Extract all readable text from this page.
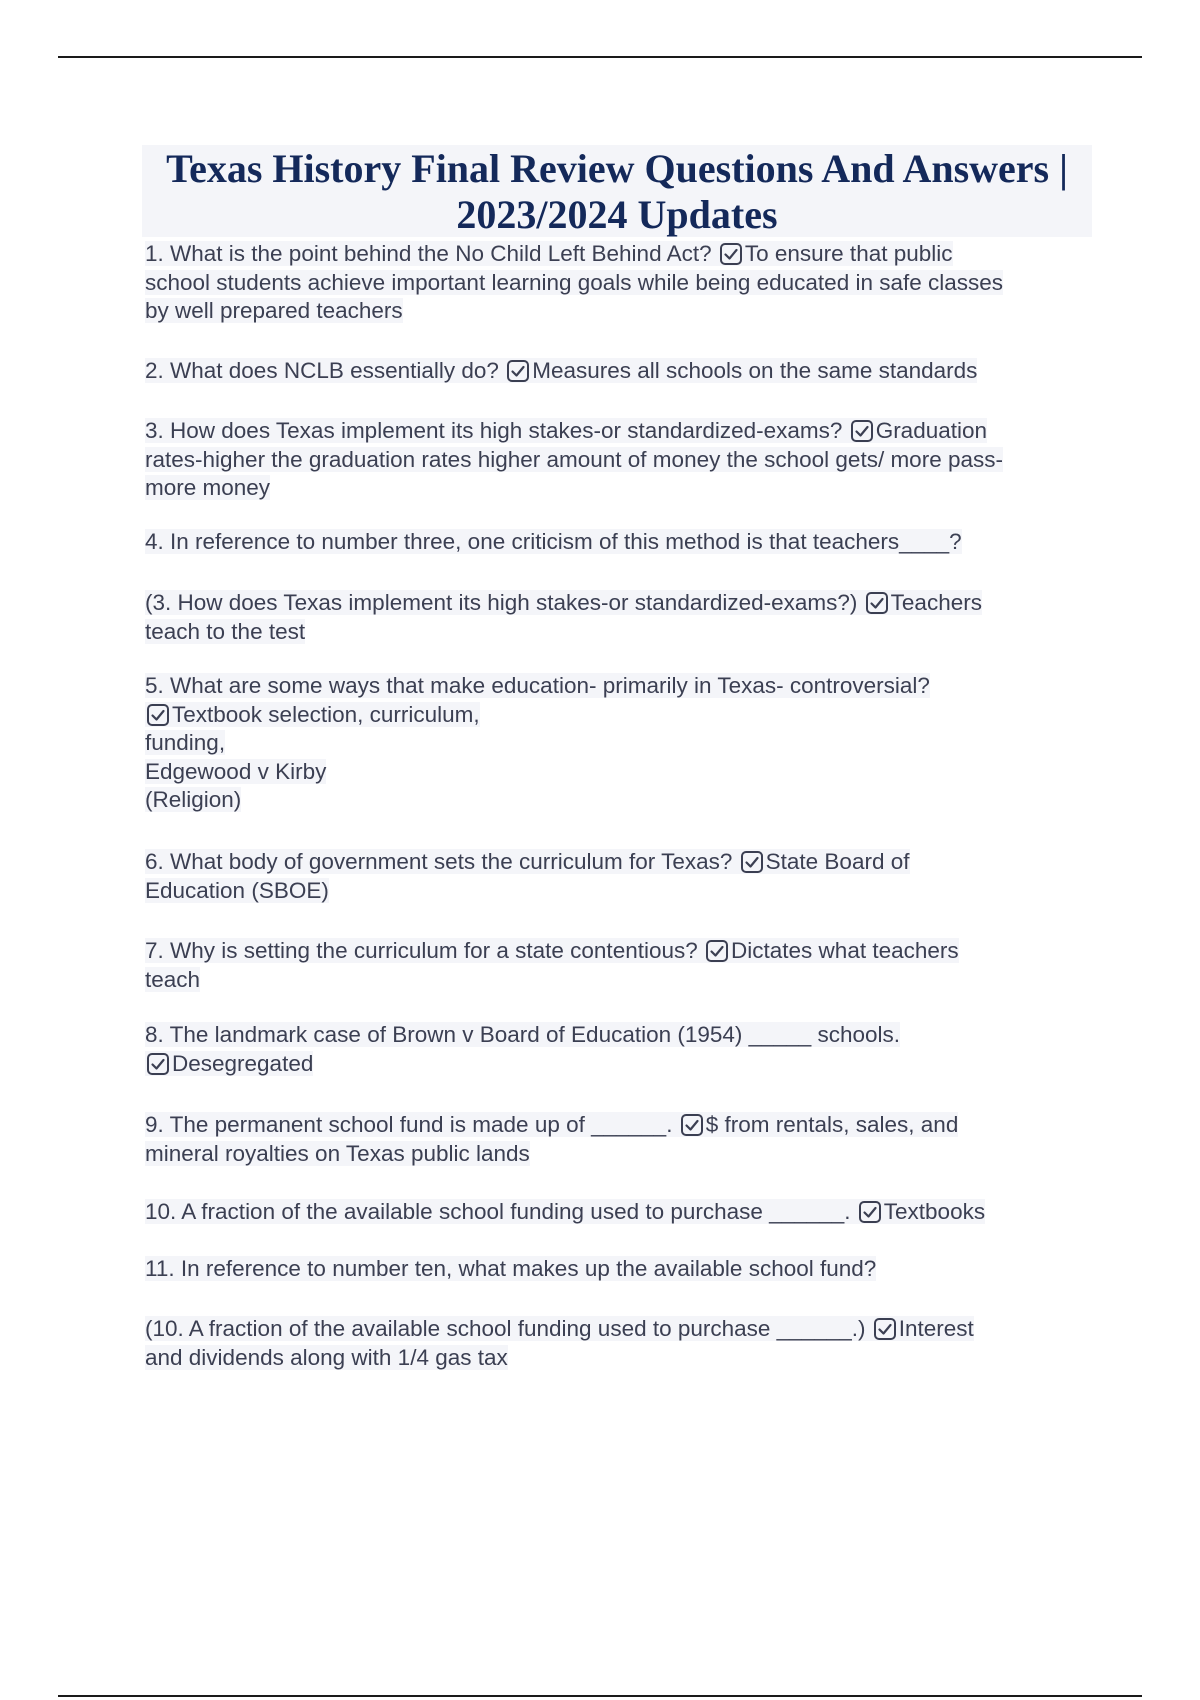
Texas History Final Review Questions And Answers | 2023/2024 Updates
1. What is the point behind the No Child Left Behind Act? To ensure that public
school students achieve important learning goals while being educated in safe classes
by well prepared teachers
2. What does NCLB essentially do? Measures all schools on the same standards
3. How does Texas implement its high stakes-or standardized-exams? Graduation
rates-higher the graduation rates higher amount of money the school gets/ more pass-
more money
4. In reference to number three, one criticism of this method is that teachers____?
(3. How does Texas implement its high stakes-or standardized-exams?) Teachers
teach to the test
5. What are some ways that make education- primarily in Texas- controversial?
Textbook selection, curriculum,
funding,
Edgewood v Kirby
(Religion)
6. What body of government sets the curriculum for Texas? State Board of
Education (SBOE)
7. Why is setting the curriculum for a state contentious? Dictates what teachers
teach
8. The landmark case of Brown v Board of Education (1954) _____ schools.
Desegregated
9. The permanent school fund is made up of ______. $ from rentals, sales, and
mineral royalties on Texas public lands
10. A fraction of the available school funding used to purchase ______. Textbooks
11. In reference to number ten, what makes up the available school fund?
(10. A fraction of the available school funding used to purchase ______.) Interest
and dividends along with 1/4 gas tax
